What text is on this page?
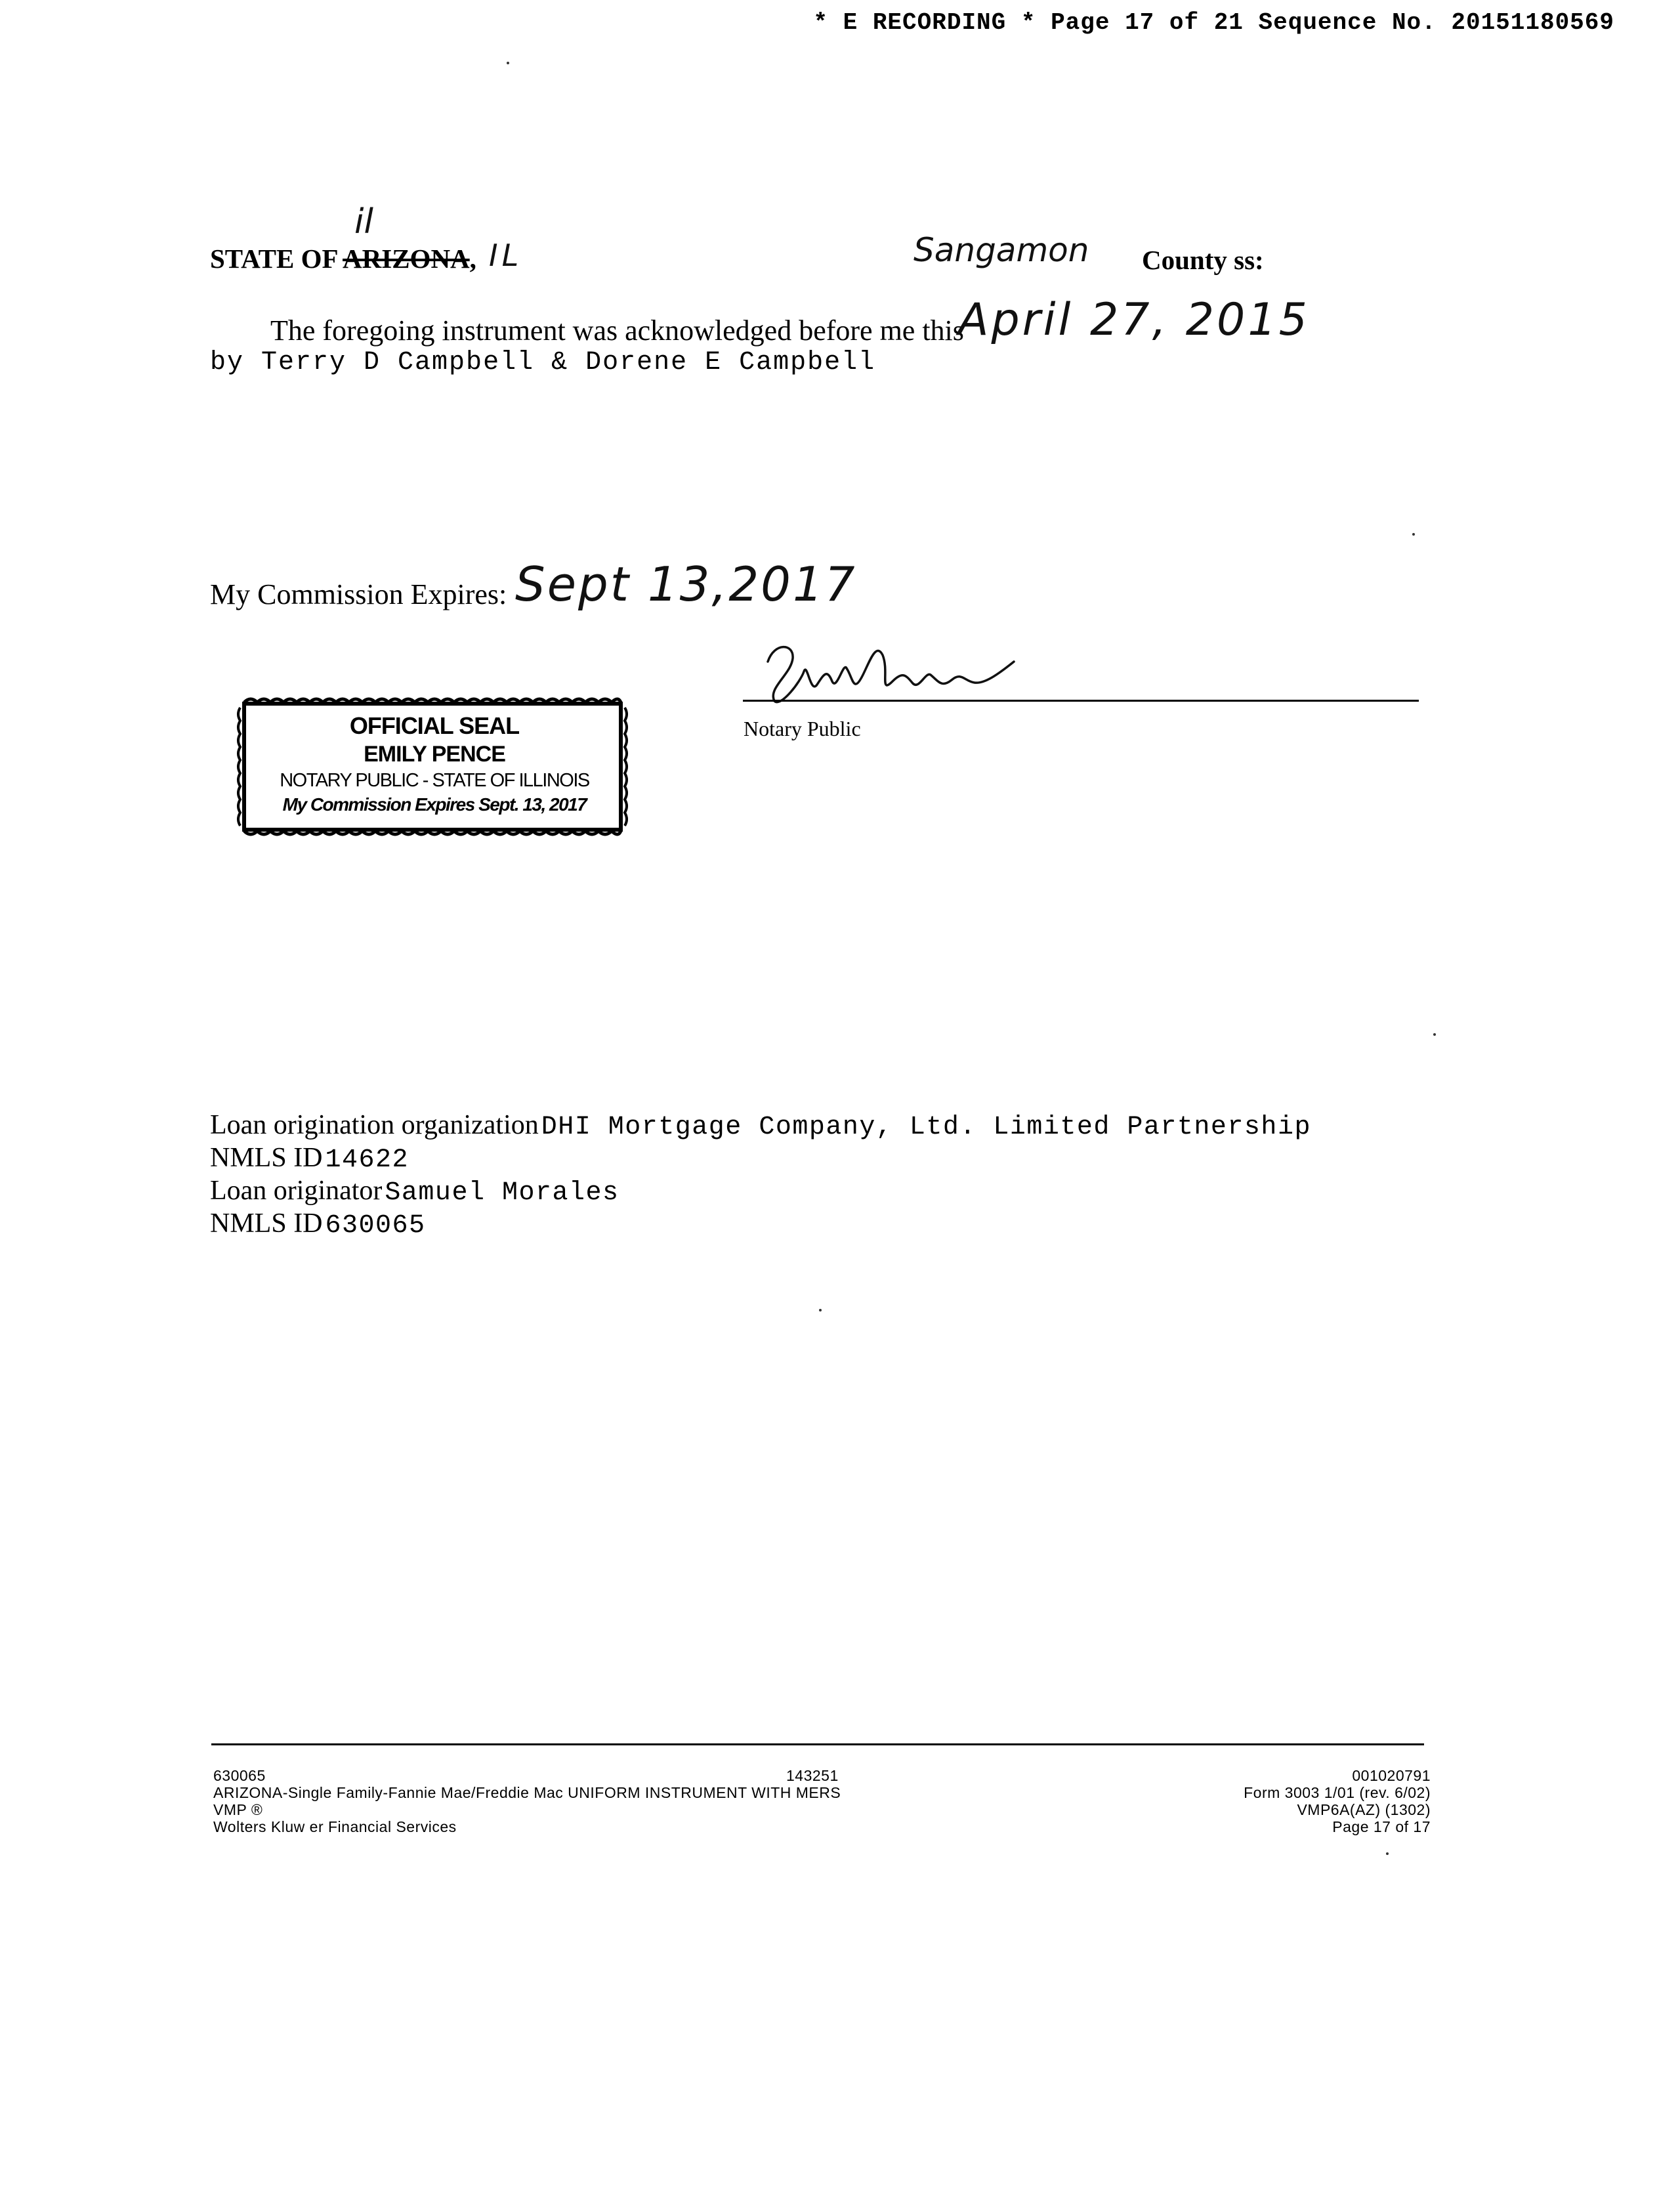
* E RECORDING * Page 17 of 21 Sequence No. 20151180569
STATE OF ARIZONA,
il
IL	Sangamon County ss:
The foregoing instrument was acknowledged before me this
April 27, 2015
by Terry D Campbell & Dorene E Campbell
My Commission Expires: Sept 13,2017
Notary Public
OFFICIAL SEAL
EMILY PENCE
NOTARY PUBLIC - STATE OF ILLINOIS
My Commission Expires Sept. 13, 2017
Loan origination organization DHI Mortgage Company, Ltd. Limited Partnership
NMLS ID 14622
Loan originator Samuel Morales
NMLS ID 630065
630065
ARIZONA-Single Family-Fannie Mae/Freddie Mac UNIFORM INSTRUMENT WITH MERS
VMP ®
Wolters Kluw er Financial Services
143251	001020791
Form 3003 1/01 (rev. 6/02)
VMP6A(AZ) (1302)
Page 17 of 17
